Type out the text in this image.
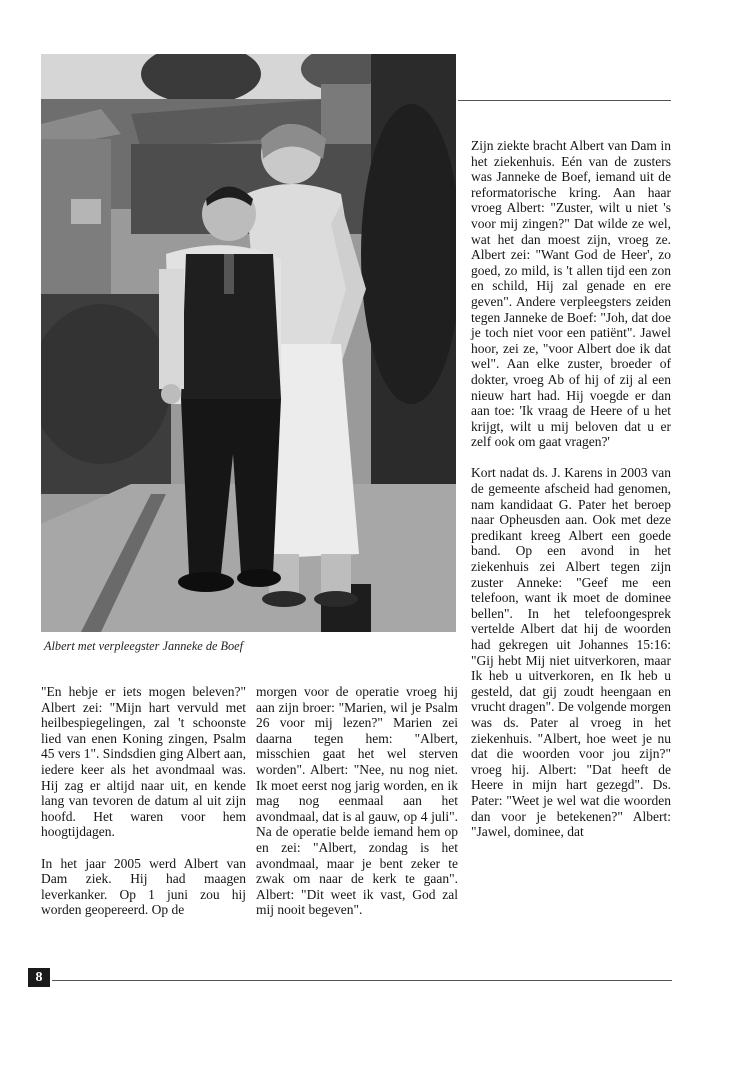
Albert met verpleegster Janneke de Boef

"En hebje er iets mogen beleven?" Albert zei: "Mijn hart vervuld met heilbespiegelingen, zal 't schoonste lied van enen Koning zingen, Psalm 45 vers 1". Sindsdien ging Albert aan, iedere keer als het avondmaal was. Hij zag er altijd naar uit, en kende lang van tevoren de datum al uit zijn hoofd. Het waren voor hem hoogtijdagen.

In het jaar 2005 werd Albert van Dam ziek. Hij had maagen leverkanker. Op 1 juni zou hij worden geopereerd. Op de

morgen voor de operatie vroeg hij aan zijn broer: "Marien, wil je Psalm 26 voor mij lezen?" Marien zei daarna tegen hem: "Albert, misschien gaat het wel sterven worden". Albert: "Nee, nu nog niet. Ik moet eerst nog jarig worden, en ik mag nog eenmaal aan het avondmaal, dat is al gauw, op 4 juli". Na de operatie belde iemand hem op en zei: "Albert, zondag is het avondmaal, maar je bent zeker te zwak om naar de kerk te gaan". Albert: "Dit weet ik vast, God zal mij nooit begeven".

Zijn ziekte bracht Albert van Dam in het ziekenhuis. Eén van de zusters was Janneke de Boef, iemand uit de reformatorische kring. Aan haar vroeg Albert: "Zuster, wilt u niet 's voor mij zingen?" Dat wilde ze wel, wat het dan moest zijn, vroeg ze. Albert zei: "Want God de Heer', zo goed, zo mild, is 't allen tijd een zon en schild, Hij zal genade en ere geven". Andere verpleegsters zeiden tegen Janneke de Boef: "Joh, dat doe je toch niet voor een patiënt". Jawel hoor, zei ze, "voor Albert doe ik dat wel". Aan elke zuster, broeder of dokter, vroeg Ab of hij of zij al een nieuw hart had. Hij voegde er dan aan toe: 'Ik vraag de Heere of u het krijgt, wilt u mij beloven dat u er zelf ook om gaat vragen?'

Kort nadat ds. J. Karens in 2003 van de gemeente afscheid had genomen, nam kandidaat G. Pater het beroep naar Opheusden aan. Ook met deze predikant kreeg Albert een goede band. Op een avond in het ziekenhuis zei Albert tegen zijn zuster Anneke: "Geef me een telefoon, want ik moet de dominee bellen". In het telefoongesprek vertelde Albert dat hij de woorden had gekregen uit Johannes 15:16: "Gij hebt Mij niet uitverkoren, maar Ik heb u uitverkoren, en Ik heb u gesteld, dat gij zoudt heengaan en vrucht dragen". De volgende morgen was ds. Pater al vroeg in het ziekenhuis. "Albert, hoe weet je nu dat die woorden voor jou zijn?" vroeg hij. Albert: "Dat heeft de Heere in mijn hart gezegd". Ds. Pater: "Weet je wel wat die woorden dan voor je betekenen?" Albert: "Jawel, dominee, dat

8
